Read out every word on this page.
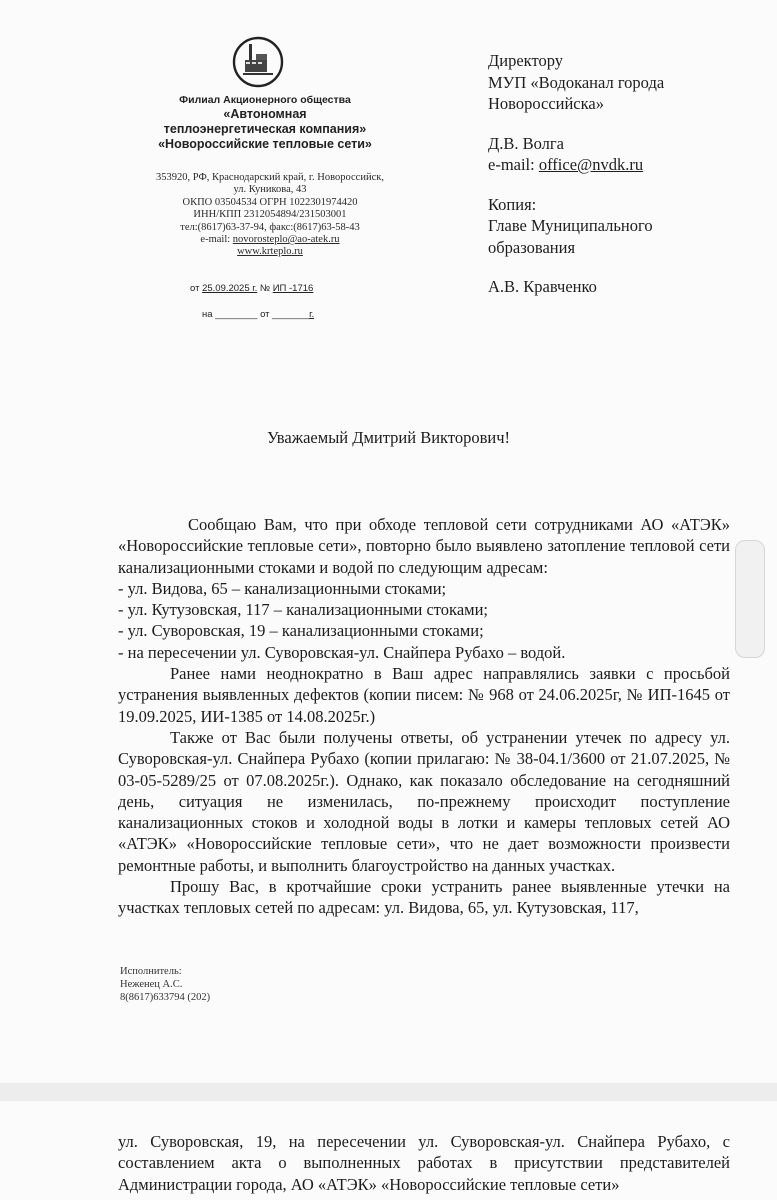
Филиал Акционерного общества
«Автономная
теплоэнергетическая компания»
«Новороссийские тепловые сети»
353920, РФ, Краснодарский край, г. Новороссийск,
ул. Куникова, 43
ОКПО 03504534 ОГРН 1022301974420
ИНН/КПП 2312054894/231503001
тел:(8617)63-37-94, факс:(8617)63-58-43
e-mail: novorosteplo@ao-atek.ru
www.krteplo.ru
от 25.09.2025 г. № ИП -1716
на ________ от _______г.
Директору
МУП «Водоканал города
Новороссийска»
Д.В. Волга
e-mail: office@nvdk.ru
Копия:
Главе Муниципального
образования
А.В. Кравченко
Уважаемый Дмитрий Викторович!

Сообщаю Вам, что при обходе тепловой сети сотрудниками АО «АТЭК» «Новороссийские тепловые сети», повторно было выявлено затопление тепловой сети канализационными стоками и водой по следующим адресам:

- ул. Видова, 65 – канализационными стоками;

- ул. Кутузовская, 117 – канализационными стоками;

- ул. Суворовская, 19 – канализационными стоками;

- на пересечении ул. Суворовская-ул. Снайпера Рубахо – водой.

Ранее нами неоднократно в Ваш адрес направлялись заявки с просьбой устранения выявленных дефектов (копии писем: № 968 от 24.06.2025г, № ИП-1645 от 19.09.2025, ИИ-1385 от 14.08.2025г.)

Также от Вас были получены ответы, об устранении утечек по адресу ул. Суворовская-ул. Снайпера Рубахо (копии прилагаю: № 38-04.1/3600 от 21.07.2025, № 03-05-5289/25 от 07.08.2025г.). Однако, как показало обследование на сегодняшний день, ситуация не изменилась, по-прежнему происходит поступление канализационных стоков и холодной воды в лотки и камеры тепловых сетей АО «АТЭК» «Новороссийские тепловые сети», что не дает возможности произвести ремонтные работы, и выполнить благоустройство на данных участках.

Прошу Вас, в кротчайшие сроки устранить ранее выявленные утечки на участках тепловых сетей по адресам: ул. Видова, 65, ул. Кутузовская, 117,

Исполнитель:
Неженец А.С.
8(8617)633794 (202)
ул. Суворовская, 19, на пересечении ул. Суворовская-ул. Снайпера Рубахо, с составлением акта о выполненных работах в присутствии представителей Администрации города, АО «АТЭК» «Новороссийские тепловые сети»
